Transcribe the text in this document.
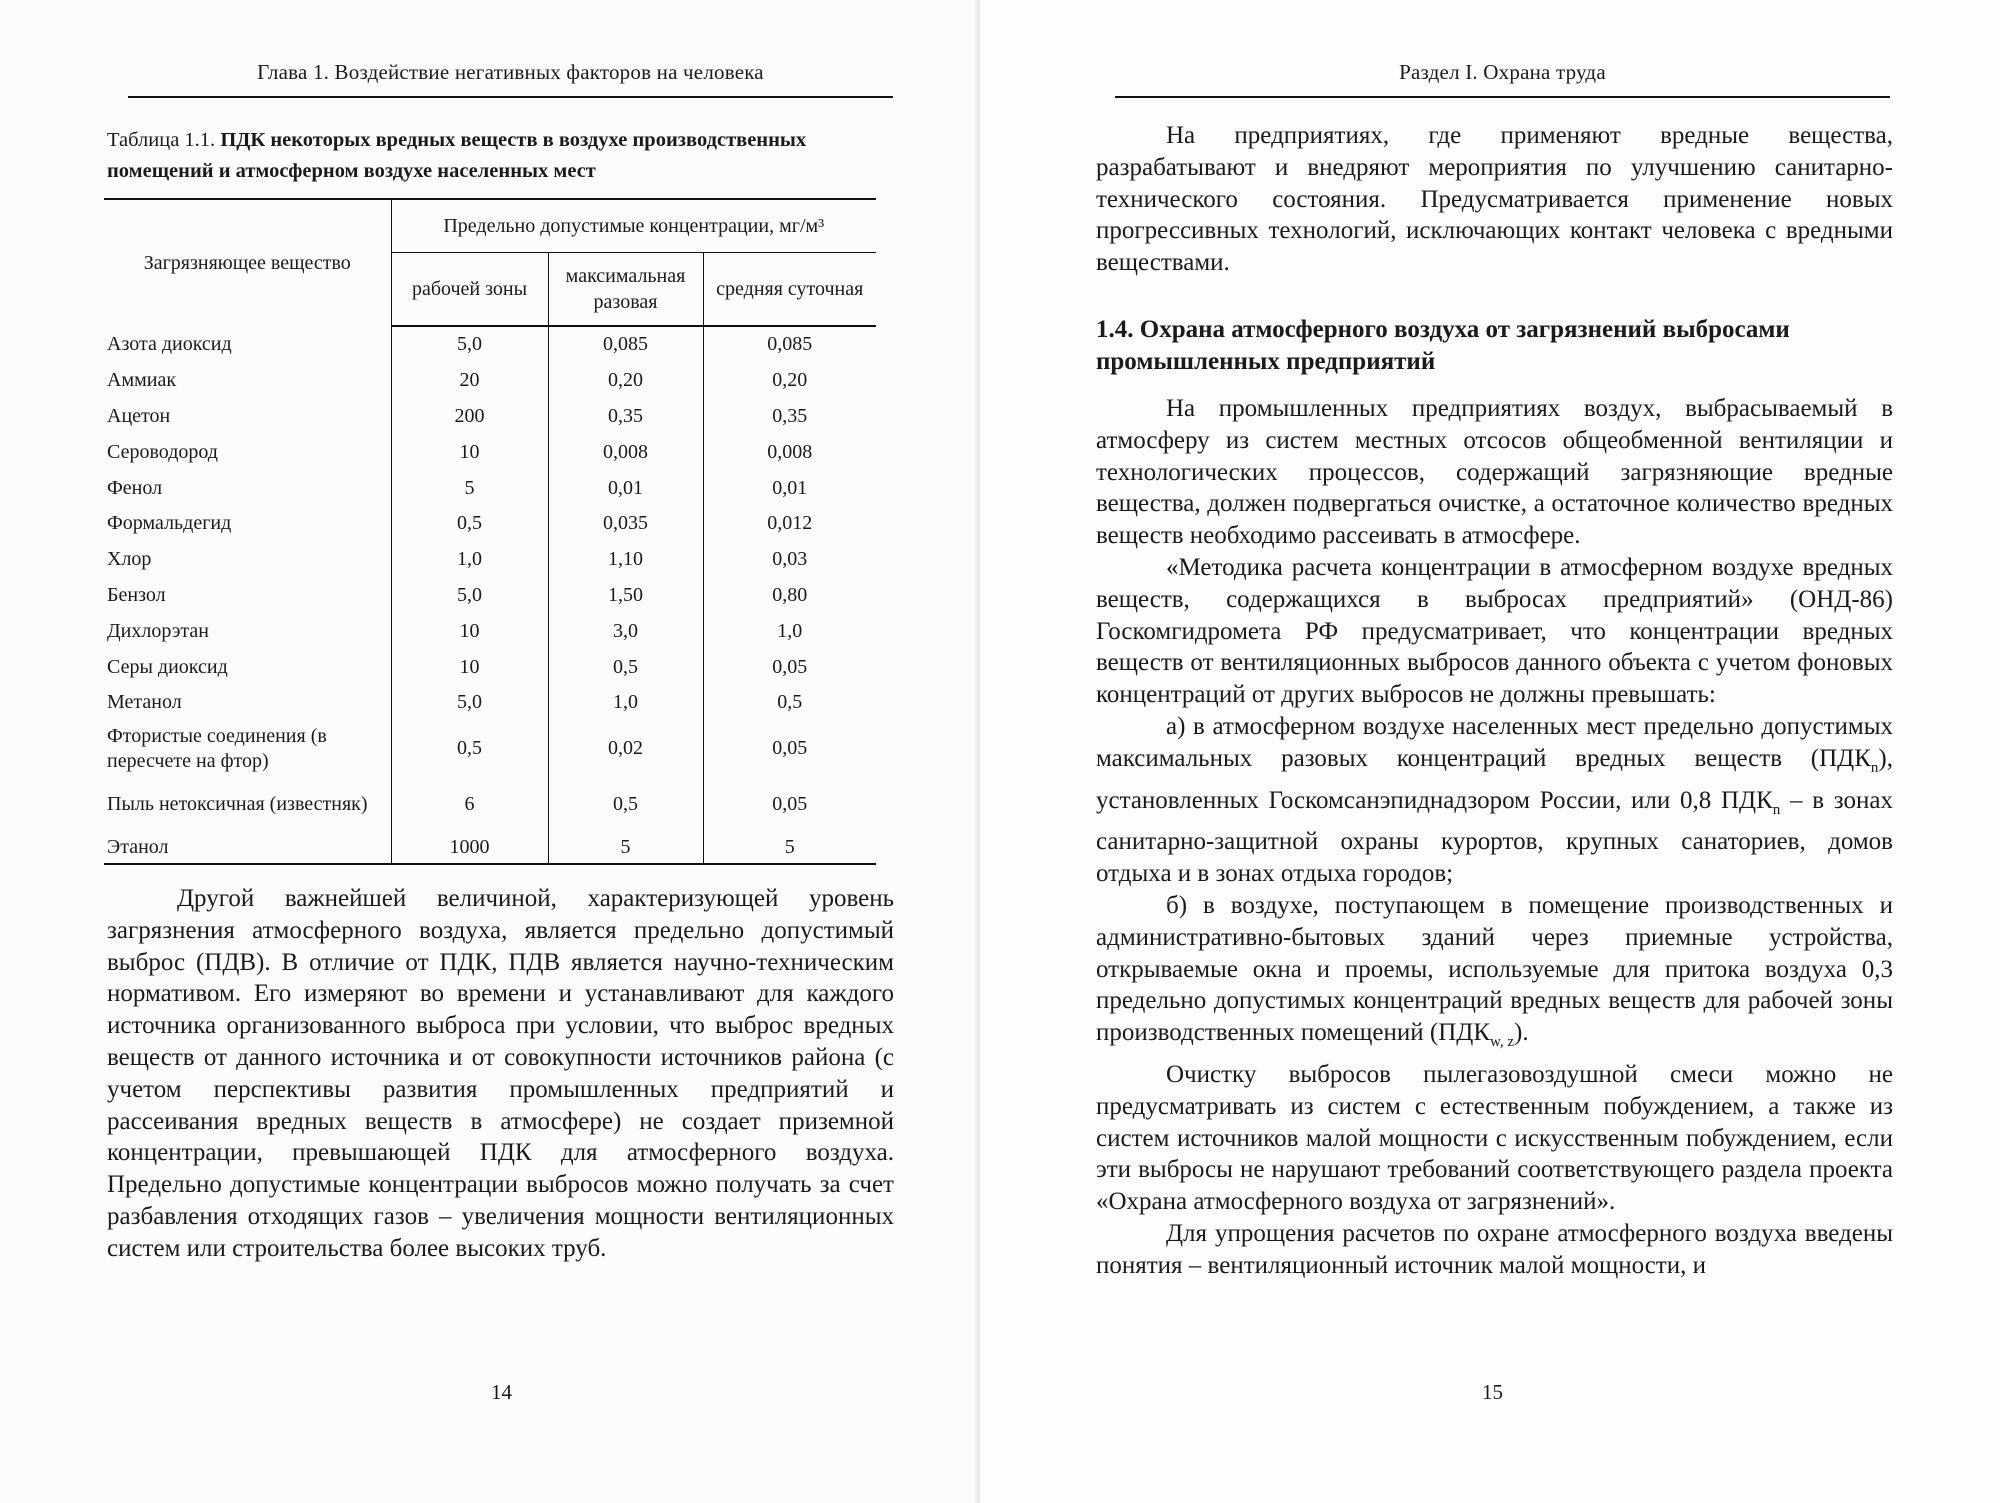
Глава 1. Воздействие негативных факторов на человека
Таблица 1.1. ПДК некоторых вредных веществ в воздухе производственных помещений и атмосферном воздухе населенных мест
Загрязняющее вещество	Предельно допустимые концентрации, мг/м³		
	рабочей зоны	максимальная разовая	средняя суточная
Азота диоксид	5,0	0,085	0,085
Аммиак	20	0,20	0,20
Ацетон	200	0,35	0,35
Сероводород	10	0,008	0,008
Фенол	5	0,01	0,01
Формальдегид	0,5	0,035	0,012
Хлор	1,0	1,10	0,03
Бензол	5,0	1,50	0,80
Дихлорэтан	10	3,0	1,0
Серы диоксид	10	0,5	0,05
Метанол	5,0	1,0	0,5
Фтористые соединения (в пересчете на фтор)	0,5	0,02	0,05
Пыль нетоксичная (известняк)	6	0,5	0,05
Этанол	1000	5	5

Другой важнейшей величиной, характеризующей уровень загрязнения атмосферного воздуха, является предельно допустимый выброс (ПДВ). В отличие от ПДК, ПДВ является научно-техническим нормативом. Его измеряют во времени и устанавливают для каждого источника организованного выброса при условии, что выброс вредных веществ от данного источника и от совокупности источников района (с учетом перспективы развития промышленных предприятий и рассеивания вредных веществ в атмосфере) не создает приземной концентрации, превышающей ПДК для атмосферного воздуха. Предельно допустимые концентрации выбросов можно получать за счет разбавления отходящих газов – увеличения мощности вентиляционных систем или строительства более высоких труб.

14
Раздел I. Охрана труда

На предприятиях, где применяют вредные вещества, разрабатывают и внедряют мероприятия по улучшению санитарно-технического состояния. Предусматривается применение новых прогрессивных технологий, исключающих контакт человека с вредными веществами.

1.4. Охрана атмосферного воздуха от загрязнений выбросами промышленных предприятий

На промышленных предприятиях воздух, выбрасываемый в атмосферу из систем местных отсосов общеобменной вентиляции и технологических процессов, содержащий загрязняющие вредные вещества, должен подвергаться очистке, а остаточное количество вредных веществ необходимо рассеивать в атмосфере.

«Методика расчета концентрации в атмосферном воздухе вредных веществ, содержащихся в выбросах предприятий» (ОНД-86) Госкомгидромета РФ предусматривает, что концентрации вредных веществ от вентиляционных выбросов данного объекта с учетом фоновых концентраций от других выбросов не должны превышать:

а) в атмосферном воздухе населенных мест предельно допустимых максимальных разовых концентраций вредных веществ $(ПДК_n)$, установленных Госкомсанэпиднадзором России, или 0,8 $ПДК_n$ – в зонах санитарно-защитной охраны курортов, крупных санаториев, домов отдыха и в зонах отдыха городов;

б) в воздухе, поступающем в помещение производственных и административно-бытовых зданий через приемные устройства, открываемые окна и проемы, используемые для притока воздуха 0,3 предельно допустимых концентраций вредных веществ для рабочей зоны производственных помещений $(ПДК_{w, z})$.

Очистку выбросов пылегазовоздушной смеси можно не предусматривать из систем с естественным побуждением, а также из систем источников малой мощности с искусственным побуждением, если эти выбросы не нарушают требований соответствующего раздела проекта «Охрана атмосферного воздуха от загрязнений».

Для упрощения расчетов по охране атмосферного воздуха введены понятия – вентиляционный источник малой мощности, и

15
